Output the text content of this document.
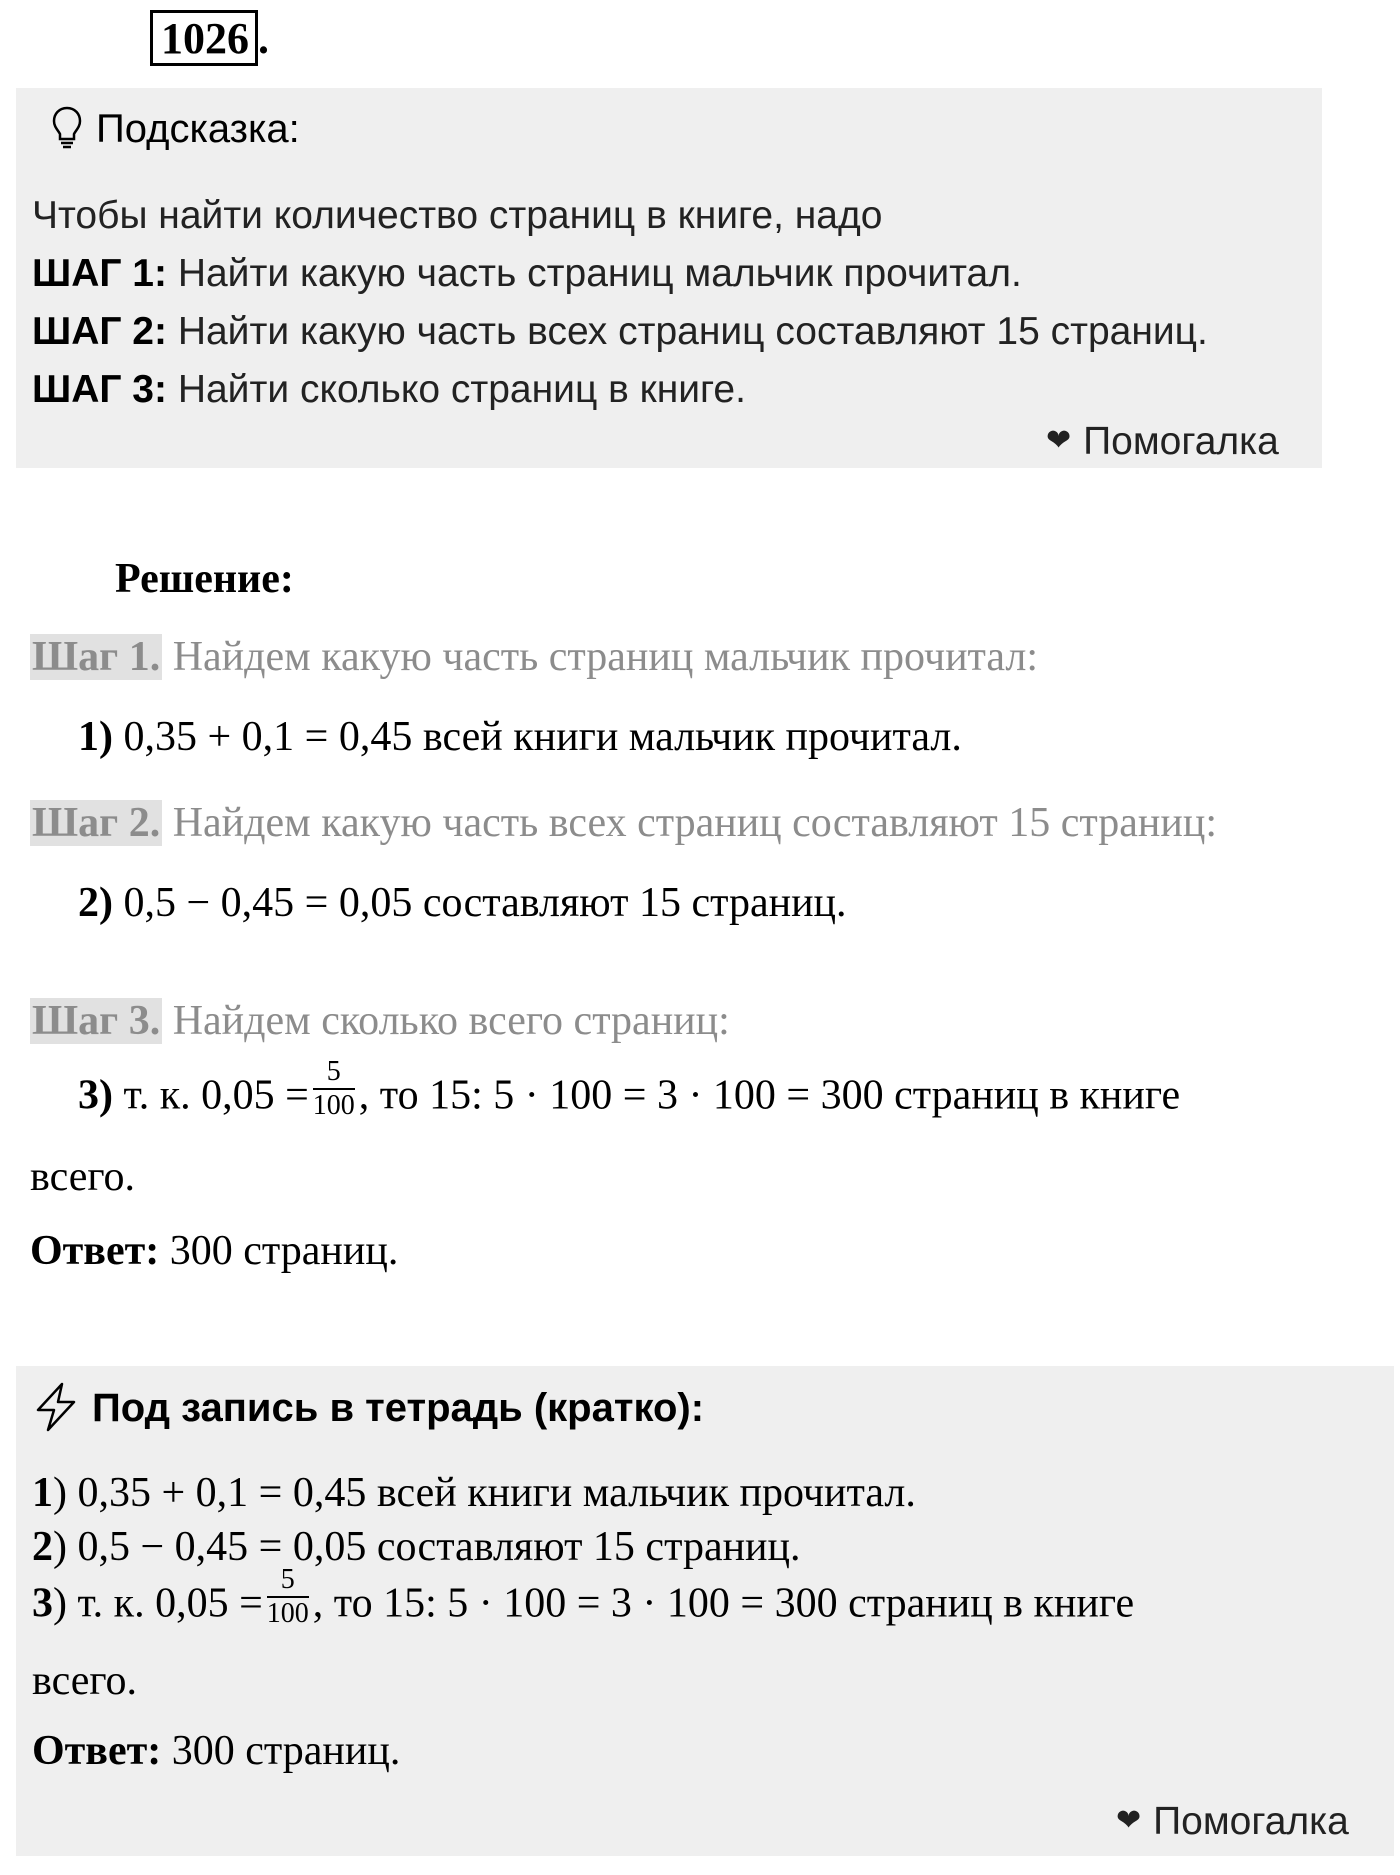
1026 .
Подсказка:
Чтобы найти количество страниц в книге, надо
ШАГ 1: Найти какую часть страниц мальчик прочитал.
ШАГ 2: Найти какую часть всех страниц составляют 15 страниц.
ШАГ 3: Найти сколько страниц в книге.
❤ Помогалка
Решение:
Шаг 1. Найдем какую часть страниц мальчик прочитал:
1) 0,35 + 0,1 = 0,45 всей книги мальчик прочитал.
Шаг 2. Найдем какую часть всех страниц составляют 15 страниц:
2) 0,5 − 0,45 = 0,05 составляют 15 страниц.
Шаг 3. Найдем сколько всего страниц:
3) т. к. $0,05 = \frac{5}{100}$ , то 15: 5 · 100 = 3 · 100 = 300 страниц в книге
всего.
Ответ: 300 страниц.
Под запись в тетрадь (кратко):
1) 0,35 + 0,1 = 0,45 всей книги мальчик прочитал.
2) 0,5 − 0,45 = 0,05 составляют 15 страниц.
3) т. к. $0,05 = \frac{5}{100}$ , то 15: 5 · 100 = 3 · 100 = 300 страниц в книге
всего.
Ответ: 300 страниц.
❤ Помогалка
